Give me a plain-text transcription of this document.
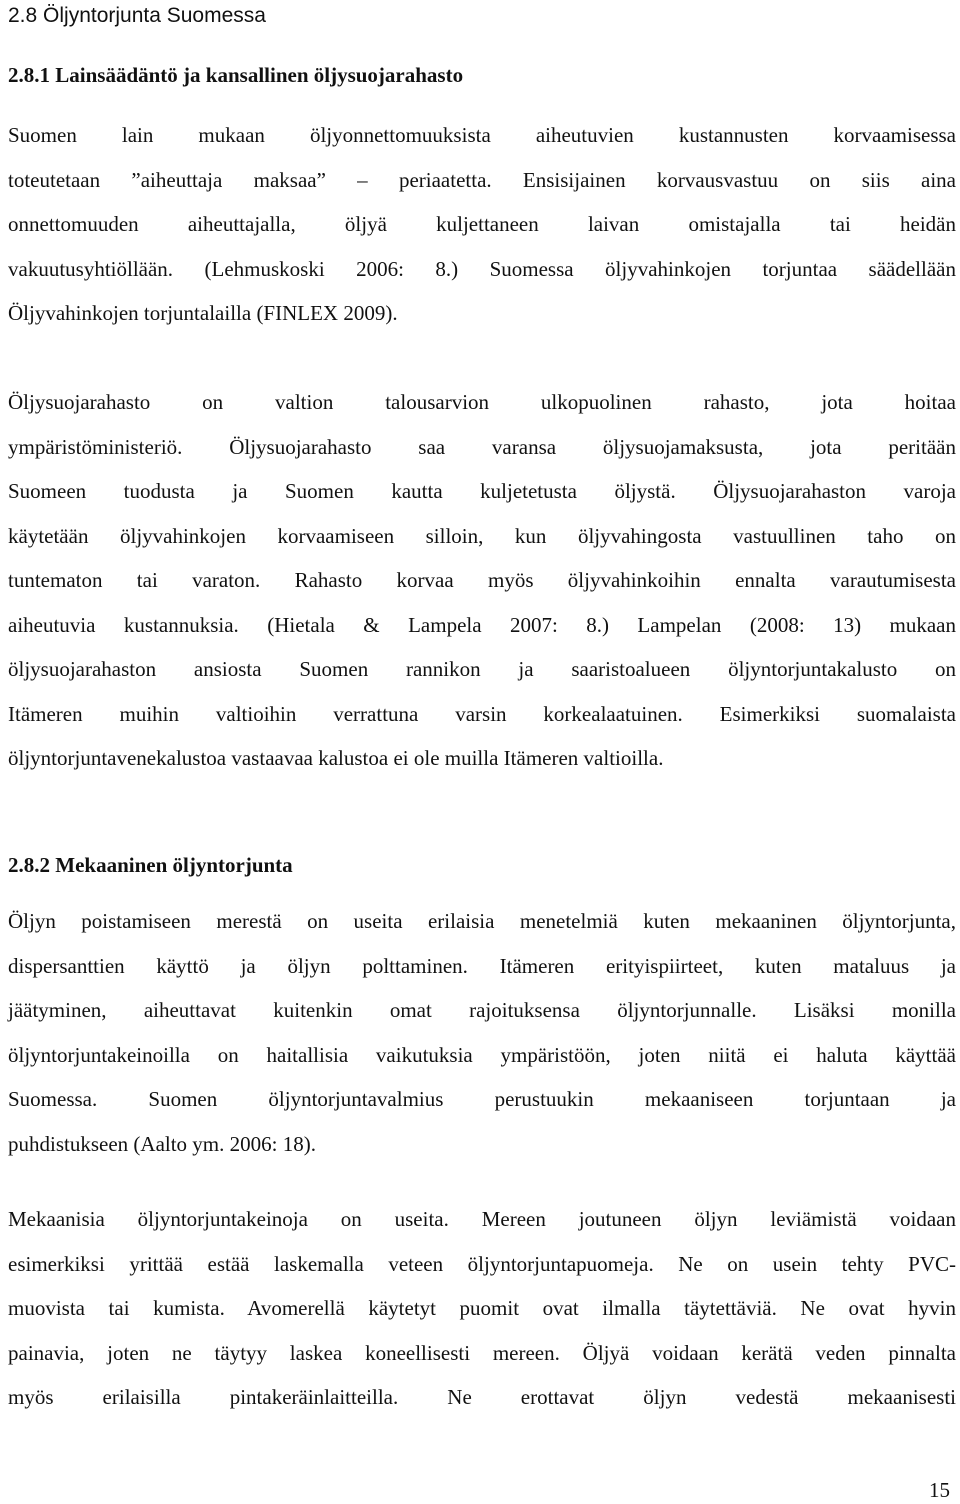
2.8 Öljyntorjunta Suomessa
2.8.1 Lainsäädäntö ja kansallinen öljysuojarahasto

Suomen lain mukaan öljyonnettomuuksista aiheutuvien kustannusten korvaamisessa
toteutetaan ”aiheuttaja maksaa” – periaatetta. Ensisijainen korvausvastuu on siis aina
onnettomuuden aiheuttajalla, öljyä kuljettaneen laivan omistajalla tai heidän
vakuutusyhtiöllään. (Lehmuskoski 2006: 8.) Suomessa öljyvahinkojen torjuntaa säädellään
Öljyvahinkojen torjuntalailla (FINLEX 2009).

Öljysuojarahasto on valtion talousarvion ulkopuolinen rahasto, jota hoitaa
ympäristöministeriö. Öljysuojarahasto saa varansa öljysuojamaksusta, jota peritään
Suomeen tuodusta ja Suomen kautta kuljetetusta öljystä. Öljysuojarahaston varoja
käytetään öljyvahinkojen korvaamiseen silloin, kun öljyvahingosta vastuullinen taho on
tuntematon tai varaton. Rahasto korvaa myös öljyvahinkoihin ennalta varautumisesta
aiheutuvia kustannuksia. (Hietala & Lampela 2007: 8.) Lampelan (2008: 13) mukaan
öljysuojarahaston ansiosta Suomen rannikon ja saaristoalueen öljyntorjuntakalusto on
Itämeren muihin valtioihin verrattuna varsin korkealaatuinen. Esimerkiksi suomalaista
öljyntorjuntavenekalustoa vastaavaa kalustoa ei ole muilla Itämeren valtioilla.

2.8.2 Mekaaninen öljyntorjunta

Öljyn poistamiseen merestä on useita erilaisia menetelmiä kuten mekaaninen öljyntorjunta,
dispersanttien käyttö ja öljyn polttaminen. Itämeren erityispiirteet, kuten mataluus ja
jäätyminen, aiheuttavat kuitenkin omat rajoituksensa öljyntorjunnalle. Lisäksi monilla
öljyntorjuntakeinoilla on haitallisia vaikutuksia ympäristöön, joten niitä ei haluta käyttää
Suomessa. Suomen öljyntorjuntavalmius perustuukin mekaaniseen torjuntaan ja
puhdistukseen (Aalto ym. 2006: 18).

Mekaanisia öljyntorjuntakeinoja on useita. Mereen joutuneen öljyn leviämistä voidaan
esimerkiksi yrittää estää laskemalla veteen öljyntorjuntapuomeja. Ne on usein tehty PVC-
muovista tai kumista. Avomerellä käytetyt puomit ovat ilmalla täytettäviä. Ne ovat hyvin
painavia, joten ne täytyy laskea koneellisesti mereen. Öljyä voidaan kerätä veden pinnalta
myös erilaisilla pintakeräinlaitteilla. Ne erottavat öljyn vedestä mekaanisesti

15
